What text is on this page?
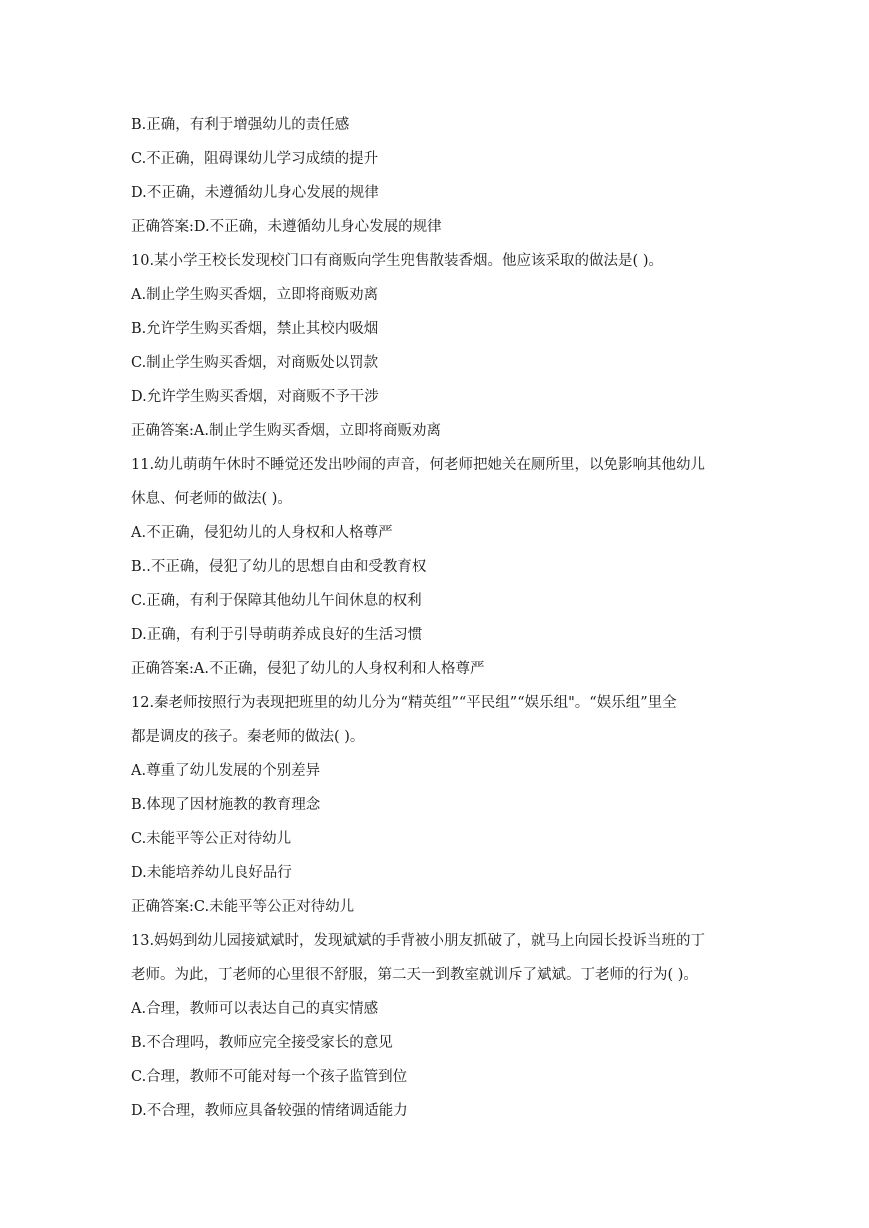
B.正确，有利于增强幼儿的责任感
C.不正确，阻碍课幼儿学习成绩的提升
D.不正确，未遵循幼儿身心发展的规律
正确答案:D.不正确，未遵循幼儿身心发展的规律
10.某小学王校长发现校门口有商贩向学生兜售散装香烟。他应该采取的做法是( )。
A.制止学生购买香烟，立即将商贩劝离
B.允许学生购买香烟，禁止其校内吸烟
C.制止学生购买香烟，对商贩处以罚款
D.允许学生购买香烟，对商贩不予干涉
正确答案:A.制止学生购买香烟，立即将商贩劝离
11.幼儿萌萌午休时不睡觉还发出吵闹的声音，何老师把她关在厕所里，以免影响其他幼儿
休息、何老师的做法( )。
A.不正确，侵犯幼儿的人身权和人格尊严
B..不正确，侵犯了幼儿的思想自由和受教育权
C.正确，有利于保障其他幼儿午间休息的权利
D.正确，有利于引导萌萌养成良好的生活习惯
正确答案:A.不正确，侵犯了幼儿的人身权利和人格尊严
12.秦老师按照行为表现把班里的幼儿分为“精英组”“平民组”“娱乐组"。“娱乐组”里全
都是调皮的孩子。秦老师的做法( )。
A.尊重了幼儿发展的个别差异
B.体现了因材施教的教育理念
C.未能平等公正对待幼儿
D.未能培养幼儿良好品行
正确答案:C.未能平等公正对待幼儿
13.妈妈到幼儿园接斌斌时，发现斌斌的手背被小朋友抓破了，就马上向园长投诉当班的丁
老师。为此，丁老师的心里很不舒服，第二天一到教室就训斥了斌斌。丁老师的行为( )。
A.合理，教师可以表达自己的真实情感
B.不合理吗，教师应完全接受家长的意见
C.合理，教师不可能对每一个孩子监管到位
D.不合理，教师应具备较强的情绪调适能力
